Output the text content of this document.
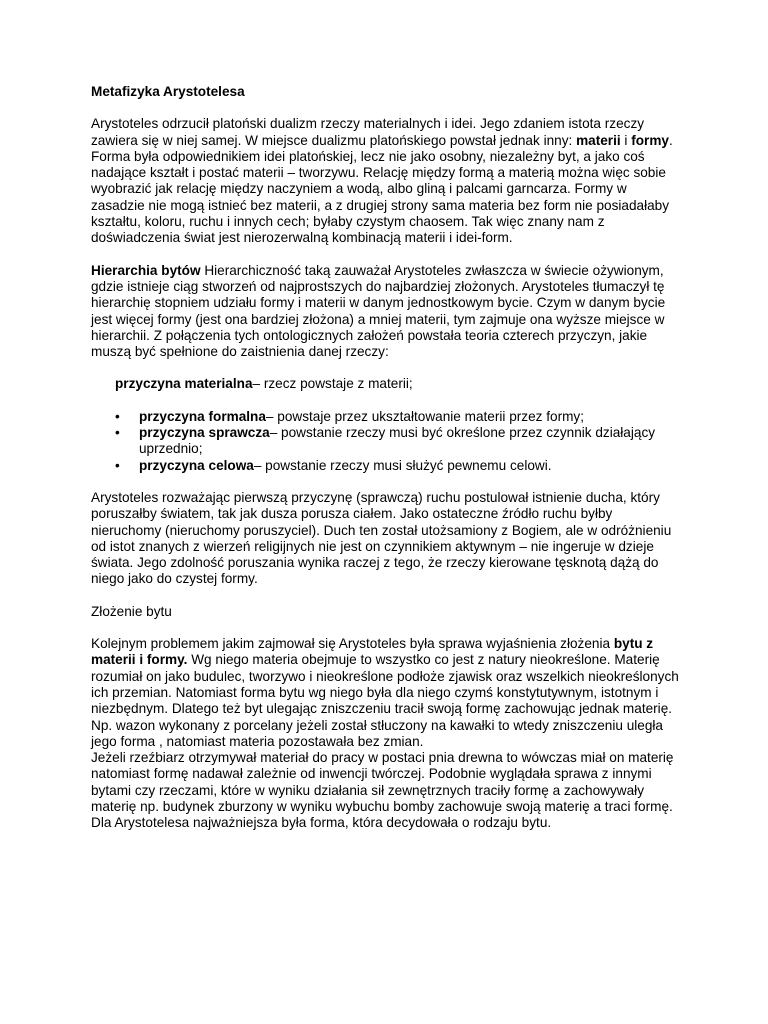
Metafizyka Arystotelesa

Arystoteles odrzucił platoński dualizm rzeczy materialnych i idei. Jego zdaniem istota rzeczy zawiera się w niej samej. W miejsce dualizmu platońskiego powstał jednak inny: materii i formy. Forma była odpowiednikiem idei platońskiej, lecz nie jako osobny, niezależny byt, a jako coś nadające kształt i postać materii – tworzywu. Relację między formą a materią można więc sobie wyobrazić jak relację między naczyniem a wodą, albo gliną i palcami garncarza. Formy w zasadzie nie mogą istnieć bez materii, a z drugiej strony sama materia bez form nie posiadałaby kształtu, koloru, ruchu i innych cech; byłaby czystym chaosem. Tak więc znany nam z doświadczenia świat jest nierozerwalną kombinacją materii i idei-form.

Hierarchia bytów Hierarchiczność taką zauważał Arystoteles zwłaszcza w świecie ożywionym, gdzie istnieje ciąg stworzeń od najprostszych do najbardziej złożonych. Arystoteles tłumaczył tę hierarchię stopniem udziału formy i materii w danym jednostkowym bycie. Czym w danym bycie jest więcej formy (jest ona bardziej złożona) a mniej materii, tym zajmuje ona wyższe miejsce w hierarchii. Z połączenia tych ontologicznych założeń powstała teoria czterech przyczyn, jakie muszą być spełnione do zaistnienia danej rzeczy:

przyczyna materialna– rzecz powstaje z materii;
• przyczyna formalna– powstaje przez ukształtowanie materii przez formy;
• przyczyna sprawcza– powstanie rzeczy musi być określone przez czynnik działający uprzednio;
• przyczyna celowa– powstanie rzeczy musi służyć pewnemu celowi.

Arystoteles rozważając pierwszą przyczynę (sprawczą) ruchu postulował istnienie ducha, który poruszałby światem, tak jak dusza porusza ciałem. Jako ostateczne źródło ruchu byłby nieruchomy (nieruchomy poruszyciel). Duch ten został utożsamiony z Bogiem, ale w odróżnieniu od istot znanych z wierzeń religijnych nie jest on czynnikiem aktywnym – nie ingeruje w dzieje świata. Jego zdolność poruszania wynika raczej z tego, że rzeczy kierowane tęsknotą dążą do niego jako do czystej formy.

Złożenie bytu

Kolejnym problemem jakim zajmował się Arystoteles była sprawa wyjaśnienia złożenia bytu z materii i formy. Wg niego materia obejmuje to wszystko co jest z natury nieokreślone. Materię rozumiał on jako budulec, tworzywo i nieokreślone podłoże zjawisk oraz wszelkich nieokreślonych ich przemian. Natomiast forma bytu wg niego była dla niego czymś konstytutywnym, istotnym i niezbędnym. Dlatego też byt ulegając zniszczeniu tracił swoją formę zachowując jednak materię. Np. wazon wykonany z porcelany jeżeli został stłuczony na kawałki to wtedy zniszczeniu uległa jego forma , natomiast materia pozostawała bez zmian.

Jeżeli rzeźbiarz otrzymywał materiał do pracy w postaci pnia drewna to wówczas miał on materię natomiast formę nadawał zależnie od inwencji twórczej. Podobnie wyglądała sprawa z innymi bytami czy rzeczami, które w wyniku działania sił zewnętrznych traciły formę a zachowywały materię np. budynek zburzony w wyniku wybuchu bomby zachowuje swoją materię a traci formę. Dla Arystotelesa najważniejsza była forma, która decydowała o rodzaju bytu.
